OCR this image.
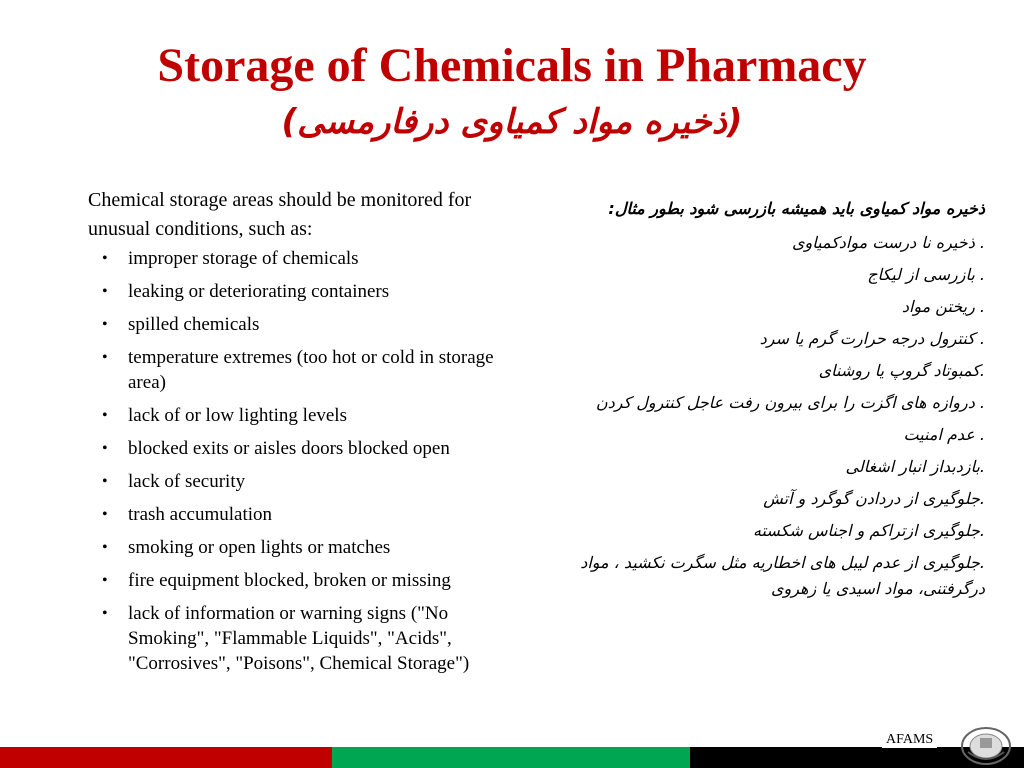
Storage of Chemicals in Pharmacy
(ذخیره مواد کمیاوی درفارمسی)
Chemical storage areas should be monitored for unusual conditions, such as:
• improper storage of chemicals
• leaking or deteriorating containers
• spilled chemicals
• temperature extremes (too hot or cold in storage area)
• lack of or low lighting levels
• blocked exits or aisles doors blocked open
• lack of security
• trash accumulation
• smoking or open lights or matches
• fire equipment blocked, broken or missing
• lack of information or warning signs ("No Smoking", "Flammable Liquids", "Acids", "Corrosives", "Poisons", Chemical Storage")
ذخیره مواد کمیاوی باید همیشه بازرسی شود بطور مثال:
. ذخیره نا درست موادکمیاوی
. بازرسی از لیکاج
. ریختن مواد
. کنترول درجه حرارت گرم یا سرد
.کمبوتاد گروپ یا روشنای
. دروازه های اگزت را برای بیرون رفت عاجل کنترول کردن
. عدم امنیت
.بازدبداز انبار اشغالی
.جلوگیری از دردادن گوگرد و آتش
.جلوگیری ازتراکم و اجناس شکسته
.جلوگیری از عدم لیبل های اخطاریه مثل سگرت نکشید ، مواد درگرفتنی، مواد اسیدی یا زهروی
AFAMS
